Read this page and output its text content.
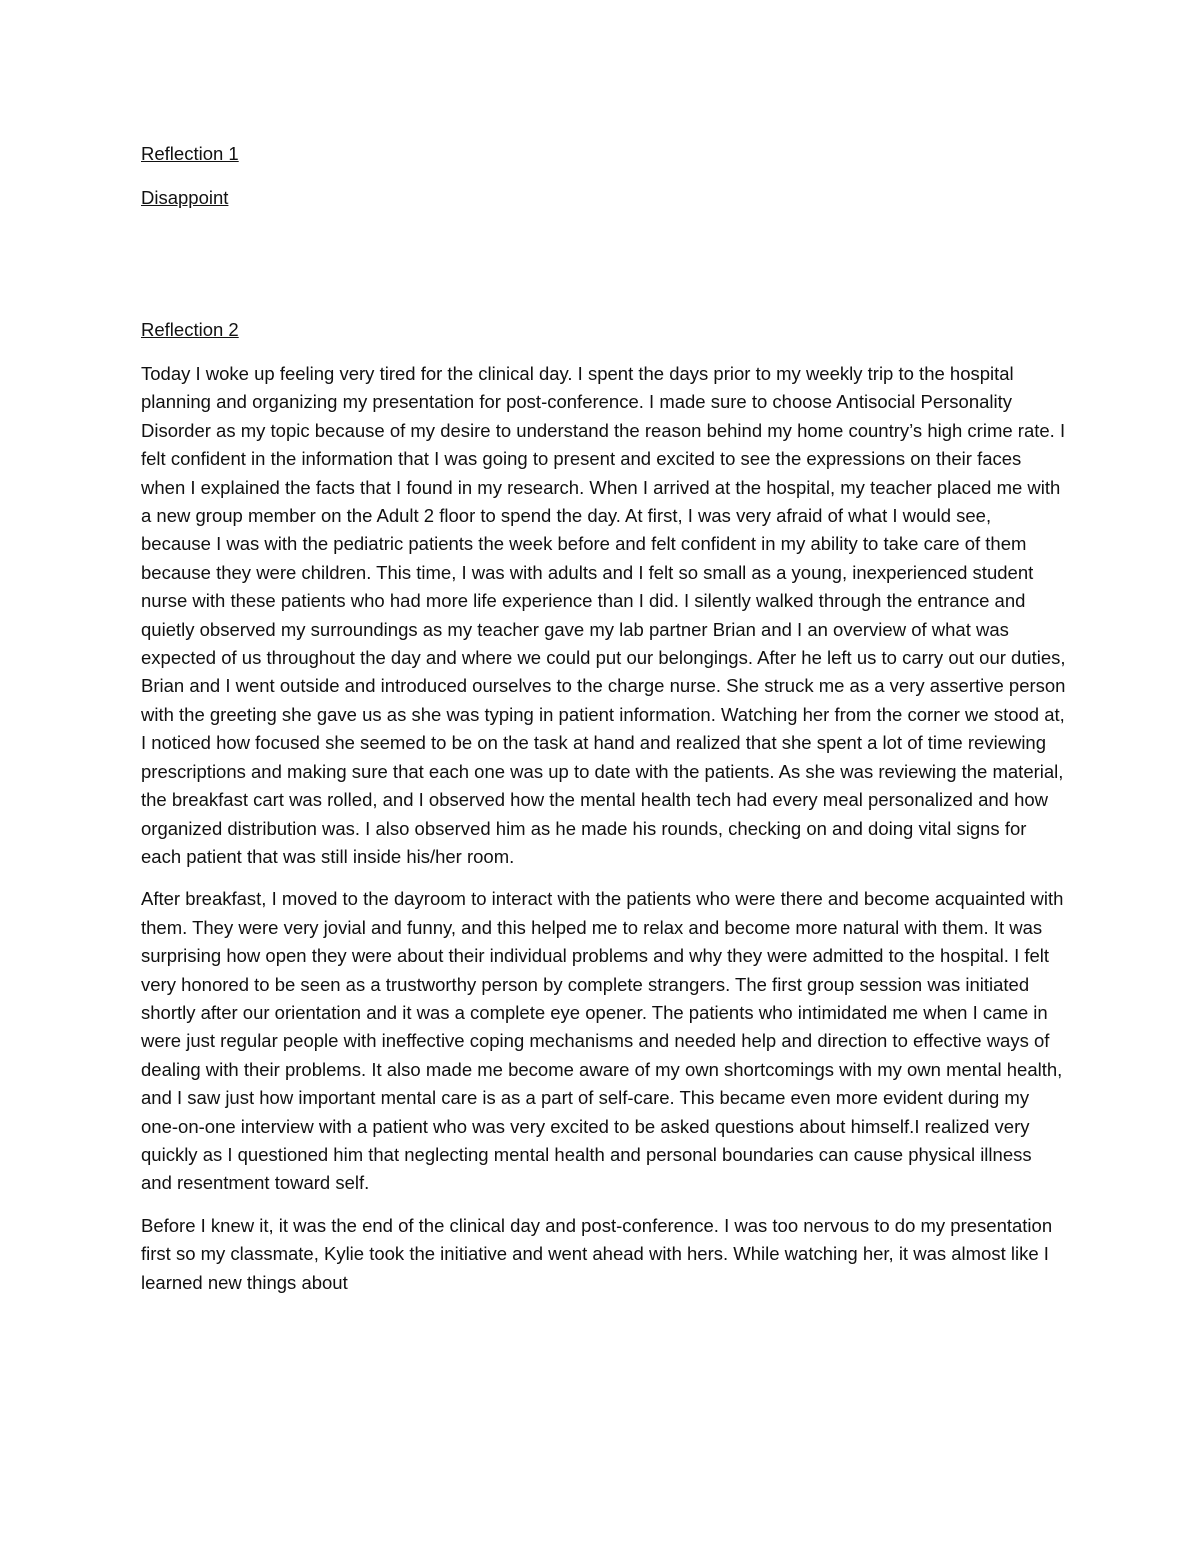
Reflection 1

Disappoint

Reflection 2

Today I woke up feeling very tired for the clinical day. I spent the days prior to my weekly trip to the hospital planning and organizing my presentation for post-conference. I made sure to choose Antisocial Personality Disorder as my topic because of my desire to understand the reason behind my home country’s high crime rate. I felt confident in the information that I was going to present and excited to see the expressions on their faces when I explained the facts that I found in my research. When I arrived at the hospital, my teacher placed me with a new group member on the Adult 2 floor to spend the day. At first, I was very afraid of what I would see, because I was with the pediatric patients the week before and felt confident in my ability to take care of them because they were children. This time, I was with adults and I felt so small as a young, inexperienced student nurse with these patients who had more life experience than I did. I silently walked through the entrance and quietly observed my surroundings as my teacher gave my lab partner Brian and I an overview of what was expected of us throughout the day and where we could put our belongings. After he left us to carry out our duties, Brian and I went outside and introduced ourselves to the charge nurse. She struck me as a very assertive person with the greeting she gave us as she was typing in patient information. Watching her from the corner we stood at, I noticed how focused she seemed to be on the task at hand and realized that she spent a lot of time reviewing prescriptions and making sure that each one was up to date with the patients. As she was reviewing the material, the breakfast cart was rolled, and I observed how the mental health tech had every meal personalized and how organized distribution was. I also observed him as he made his rounds, checking on and doing vital signs for each patient that was still inside his/her room.

After breakfast, I moved to the dayroom to interact with the patients who were there and become acquainted with them. They were very jovial and funny, and this helped me to relax and become more natural with them. It was surprising how open they were about their individual problems and why they were admitted to the hospital. I felt very honored to be seen as a trustworthy person by complete strangers. The first group session was initiated shortly after our orientation and it was a complete eye opener. The patients who intimidated me when I came in were just regular people with ineffective coping mechanisms and needed help and direction to effective ways of dealing with their problems. It also made me become aware of my own shortcomings with my own mental health, and I saw just how important mental care is as a part of self-care. This became even more evident during my one-on-one interview with a patient who was very excited to be asked questions about himself.I realized very quickly as I questioned him that neglecting mental health and personal boundaries can cause physical illness and resentment toward self.

Before I knew it, it was the end of the clinical day and post-conference. I was too nervous to do my presentation first so my classmate, Kylie took the initiative and went ahead with hers. While watching her, it was almost like I learned new things about
